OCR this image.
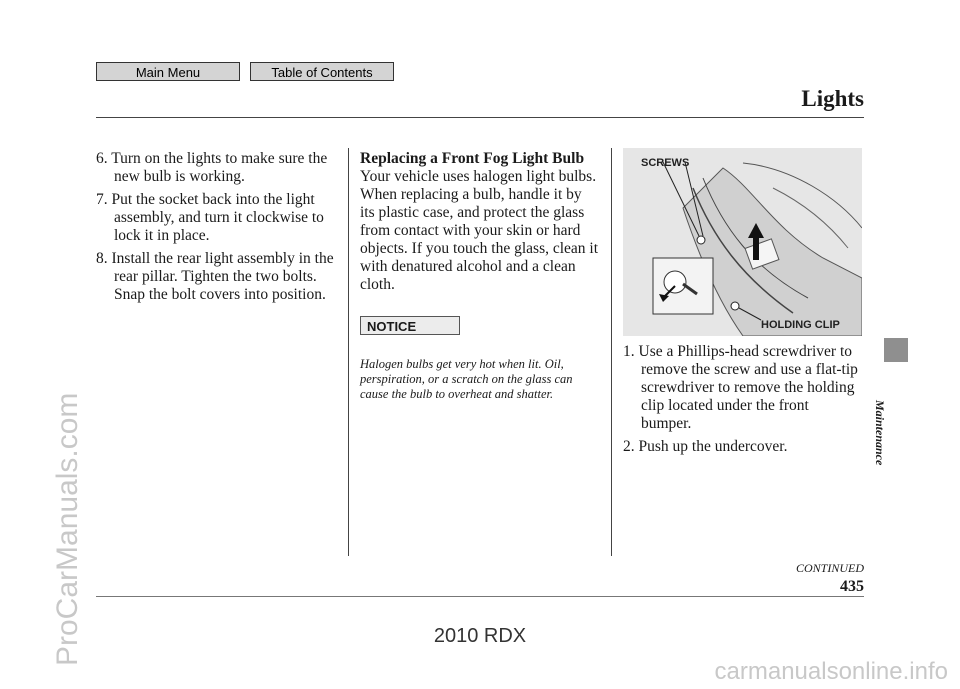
Main Menu	Table of Contents
Lights
6. Turn on the lights to make sure the new bulb is working.
7. Put the socket back into the light assembly, and turn it clockwise to lock it in place.
8. Install the rear light assembly in the rear pillar. Tighten the two bolts. Snap the bolt covers into position.
Replacing a Front Fog Light Bulb
Your vehicle uses halogen light bulbs. When replacing a bulb, handle it by its plastic case, and protect the glass from contact with your skin or hard objects. If you touch the glass, clean it with denatured alcohol and a clean cloth.
NOTICE
Halogen bulbs get very hot when lit. Oil, perspiration, or a scratch on the glass can cause the bulb to overheat and shatter.
SCREWS
HOLDING CLIP
1. Use a Phillips-head screwdriver to remove the screw and use a flat-tip screwdriver to remove the holding clip located under the front bumper.
2. Push up the undercover.	Maintenance
CONTINUED
435
2010 RDX
ProCarManuals.com
carmanualsonline.info
